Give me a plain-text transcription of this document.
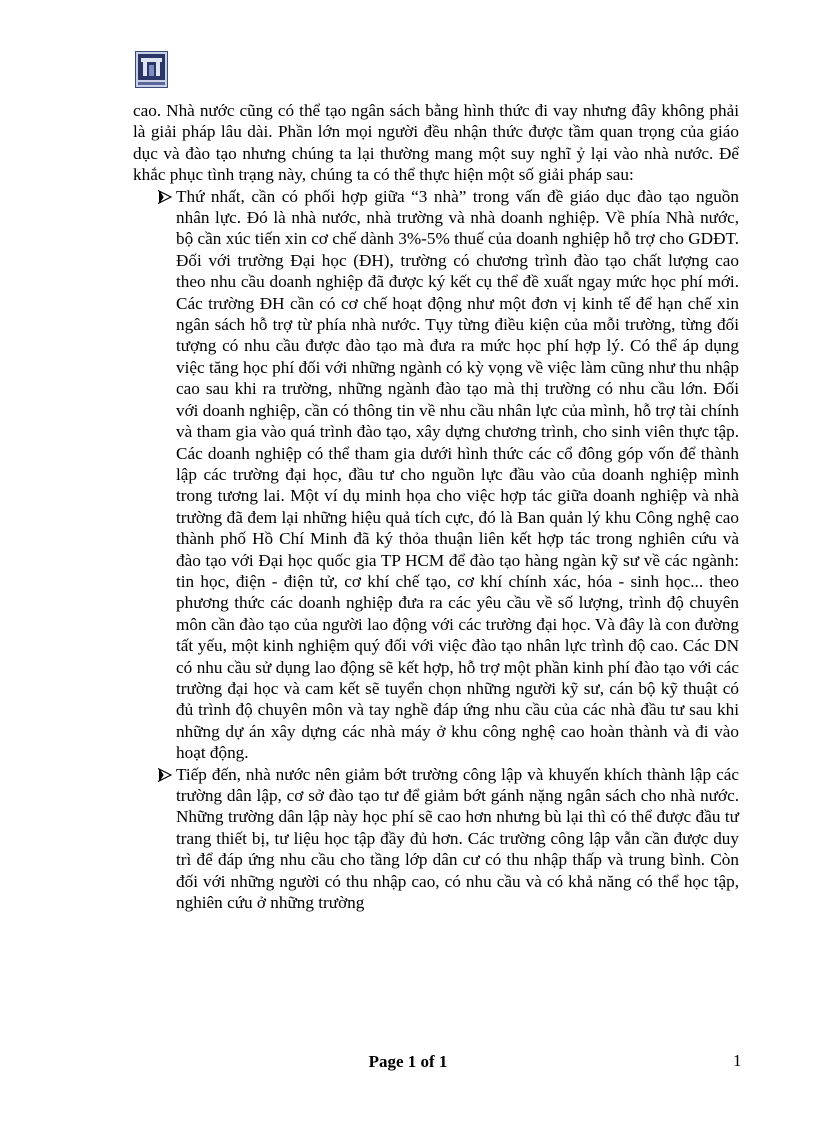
cao. Nhà nước cũng có thể tạo ngân sách bằng hình thức đi vay nhưng đây không phải là giải pháp lâu dài. Phần lớn mọi người đều nhận thức được tầm quan trọng của giáo dục và đào tạo nhưng chúng ta lại thường mang một suy nghĩ ỷ lại vào nhà nước. Để khắc phục tình trạng này, chúng ta có thể thực hiện một số giải pháp sau:

Thứ nhất, cần có phối hợp giữa “3 nhà” trong vấn đề giáo dục đào tạo nguồn nhân lực. Đó là nhà nước, nhà trường và nhà doanh nghiệp. Về phía Nhà nước, bộ cần xúc tiến xin cơ chế dành 3%-5% thuế của doanh nghiệp hỗ trợ cho GDĐT. Đối với trường Đại học (ĐH), trường có chương trình đào tạo chất lượng cao theo nhu cầu doanh nghiệp đã được ký kết cụ thể đề xuất ngay mức học phí mới. Các trường ĐH cần có cơ chế hoạt động như một đơn vị kinh tế để hạn chế xin ngân sách hỗ trợ từ phía nhà nước. Tụy từng điều kiện của mỗi trường, từng đối tượng có nhu cầu được đào tạo mà đưa ra mức học phí hợp lý. Có thể áp dụng việc tăng học phí đối với những ngành có kỳ vọng về việc làm cũng như thu nhập cao sau khi ra trường, những ngành đào tạo mà thị trường có nhu cầu lớn. Đối với doanh nghiệp, cần có thông tin về nhu cầu nhân lực của mình, hỗ trợ tài chính và tham gia vào quá trình đào tạo, xây dựng chương trình, cho sinh viên thực tập. Các doanh nghiệp có thể tham gia dưới hình thức các cổ đông góp vốn để thành lập các trường đại học, đầu tư cho nguồn lực đầu vào của doanh nghiệp mình trong tương lai. Một ví dụ minh họa cho việc hợp tác giữa doanh nghiệp và nhà trường đã đem lại những hiệu quả tích cực, đó là Ban quản lý khu Công nghệ cao thành phố Hồ Chí Minh đã ký thỏa thuận liên kết hợp tác trong nghiên cứu và đào tạo với Đại học quốc gia TP HCM để đào tạo hàng ngàn kỹ sư về các ngành: tin học, điện - điện tử, cơ khí chế tạo, cơ khí chính xác, hóa - sinh học... theo phương thức các doanh nghiệp đưa ra các yêu cầu về số lượng, trình độ chuyên môn cần đào tạo của người lao động với các trường đại học. Và đây là con đường tất yếu, một kinh nghiệm quý đối với việc đào tạo nhân lực trình độ cao. Các DN có nhu cầu sử dụng lao động sẽ kết hợp, hỗ trợ một phần kinh phí đào tạo với các trường đại học và cam kết sẽ tuyển chọn những người kỹ sư, cán bộ kỹ thuật có đủ trình độ chuyên môn và tay nghề đáp ứng nhu cầu của các nhà đầu tư sau khi những dự án xây dựng các nhà máy ở khu công nghệ cao hoàn thành và đi vào hoạt động.
Tiếp đến, nhà nước nên giảm bớt trường công lập và khuyến khích thành lập các trường dân lập, cơ sở đào tạo tư để giảm bớt gánh nặng ngân sách cho nhà nước. Những trường dân lập này học phí sẽ cao hơn nhưng bù lại thì có thể được đầu tư trang thiết bị, tư liệu học tập đầy đủ hơn. Các trường công lập vẫn cần được duy trì để đáp ứng nhu cầu cho tầng lớp dân cư có thu nhập thấp và trung bình. Còn đối với những người có thu nhập cao, có nhu cầu và có khả năng có thể học tập, nghiên cứu ở những trường
Page 1 of 1	1
